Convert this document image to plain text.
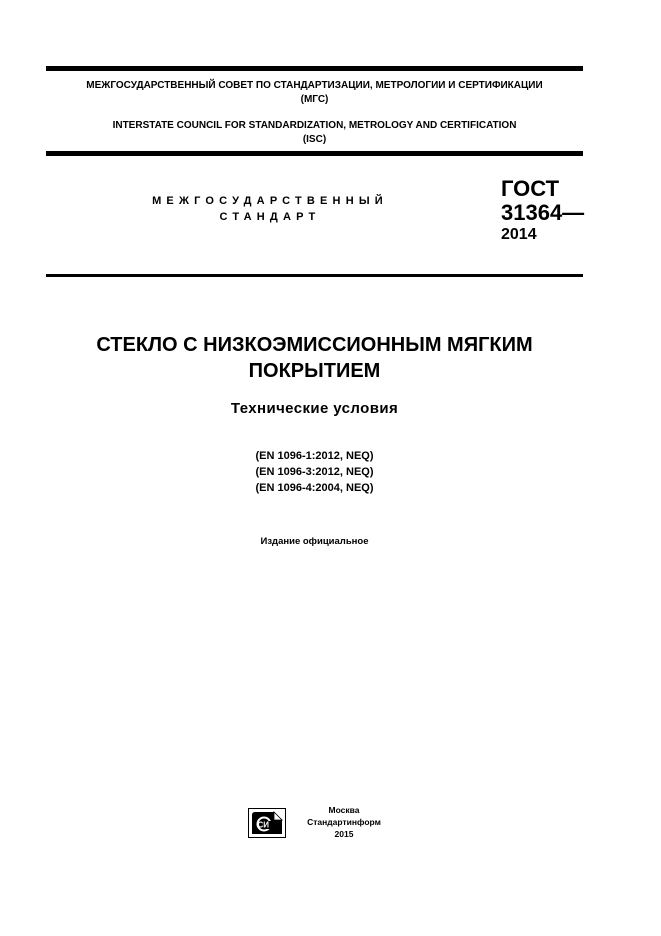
МЕЖГОСУДАРСТВЕННЫЙ СОВЕТ ПО СТАНДАРТИЗАЦИИ, МЕТРОЛОГИИ И СЕРТИФИКАЦИИ
(МГС)
INTERSTATE COUNCIL FOR STANDARDIZATION, METROLOGY AND CERTIFICATION
(ISC)
МЕЖГОСУДАРСТВЕННЫЙ
СТАНДАРТ
ГОСТ
31364—
2014
СТЕКЛО С НИЗКОЭМИССИОННЫМ МЯГКИМ
ПОКРЫТИЕМ
Технические условия
(EN 1096-1:2012, NEQ)
(EN 1096-3:2012, NEQ)
(EN 1096-4:2004, NEQ)
Издание официальное
СИ
Москва
Стандартинформ
2015
